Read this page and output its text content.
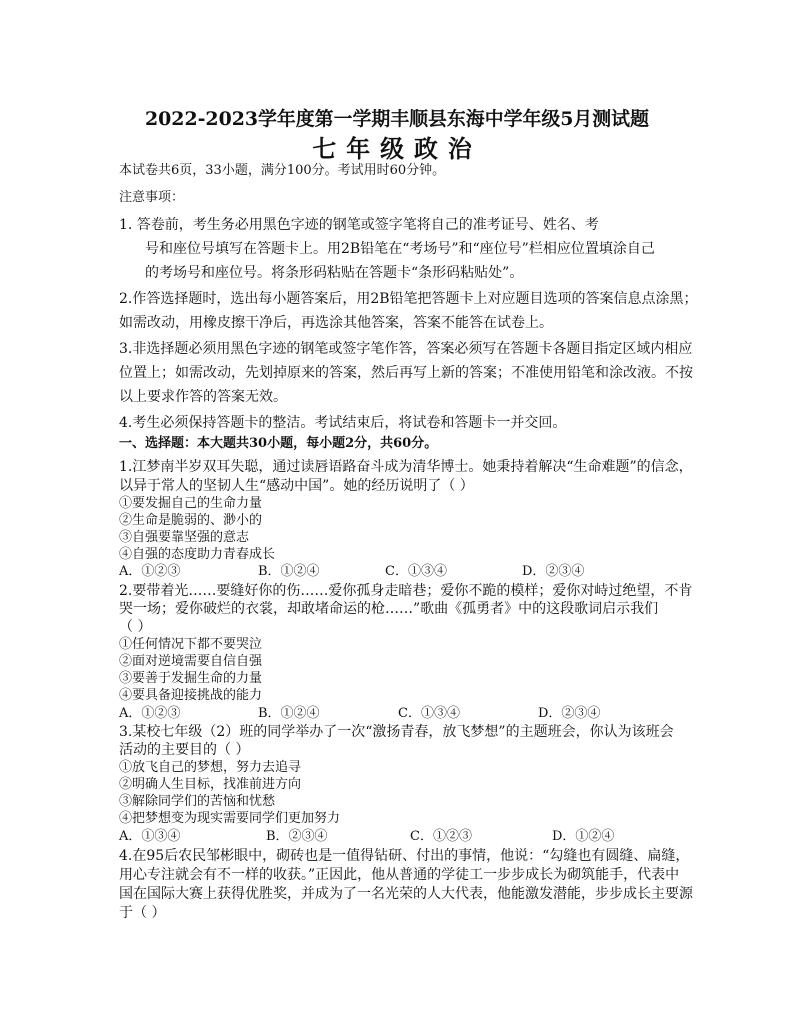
2022-2023学年度第一学期丰顺县东海中学年级5月测试题
七年级政治
本试卷共6页，33小题，满分100分。考试用时60分钟。
注意事项：
1. 答卷前，考生务必用黑色字迹的钢笔或签字笔将自己的准考证号、姓名、考
号和座位号填写在答题卡上。用2B铅笔在“考场号”和“座位号”栏相应位置填涂自己
的考场号和座位号。将条形码粘贴在答题卡“条形码粘贴处”。
2.作答选择题时，选出每小题答案后，用2B铅笔把答题卡上对应题目选项的答案信息点涂黑；
如需改动，用橡皮擦干净后，再选涂其他答案，答案不能答在试卷上。
3.非选择题必须用黑色字迹的钢笔或签字笔作答，答案必须写在答题卡各题目指定区域内相应
位置上；如需改动，先划掉原来的答案，然后再写上新的答案；不准使用铅笔和涂改液。不按
以上要求作答的答案无效。
4.考生必须保持答题卡的整洁。考试结束后，将试卷和答题卡一并交回。
一、选择题：本大题共30小题，每小题2分，共60分。
1.江梦南半岁双耳失聪，通过读唇语路奋斗成为清华博士。她秉持着解决“生命难题”的信念，
以异于常人的坚韧人生“感动中国”。她的经历说明了（ ）
①要发掘自己的生命力量
②生命是脆弱的、渺小的
③自强要靠坚强的意志
④自强的态度助力青春成长
A．①②③	B．①②④	C．①③④	D．②③④
2.要带着光……要缝好你的伤……爱你孤身走暗巷；爱你不跪的模样；爱你对峙过绝望，不肯
哭一场；爱你破烂的衣裳，却敢堵命运的枪……”歌曲《孤勇者》中的这段歌词启示我们
（ ）
①任何情况下都不要哭泣
②面对逆境需要自信自强
③要善于发掘生命的力量
④要具备迎接挑战的能力
A．①②③	B．①②④	C．①③④	D．②③④
3.某校七年级（2）班的同学举办了一次“激扬青春，放飞梦想”的主题班会，你认为该班会
活动的主要目的（ ）
①放飞自己的梦想，努力去追寻
②明确人生目标，找准前进方向
③解除同学们的苦恼和忧愁
④把梦想变为现实需要同学们更加努力
A．①③④	B．②③④	C．①②③	D．①②④
4.在95后农民邹彬眼中，砌砖也是一值得钻研、付出的事情，他说：“勾缝也有圆缝、扁缝，
用心专注就会有不一样的收获。”正因此，他从普通的学徒工一步步成长为砌筑能手，代表中
国在国际大赛上获得优胜奖，并成为了一名光荣的人大代表，他能激发潜能，步步成长主要源
于（ ）
